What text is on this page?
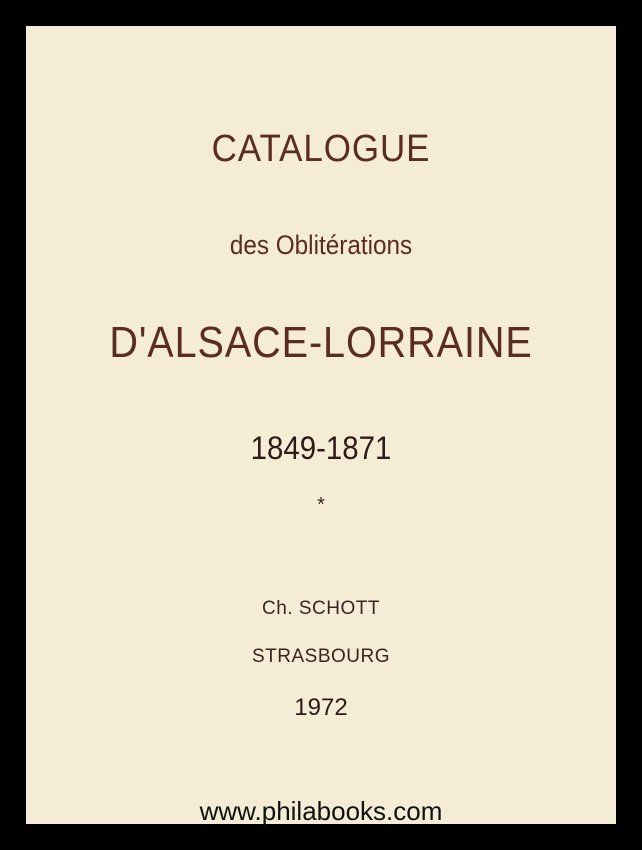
CATALOGUE
des Oblitérations
D'ALSACE-LORRAINE
1849-1871
*
Ch. SCHOTT
STRASBOURG
1972
www.philabooks.com
